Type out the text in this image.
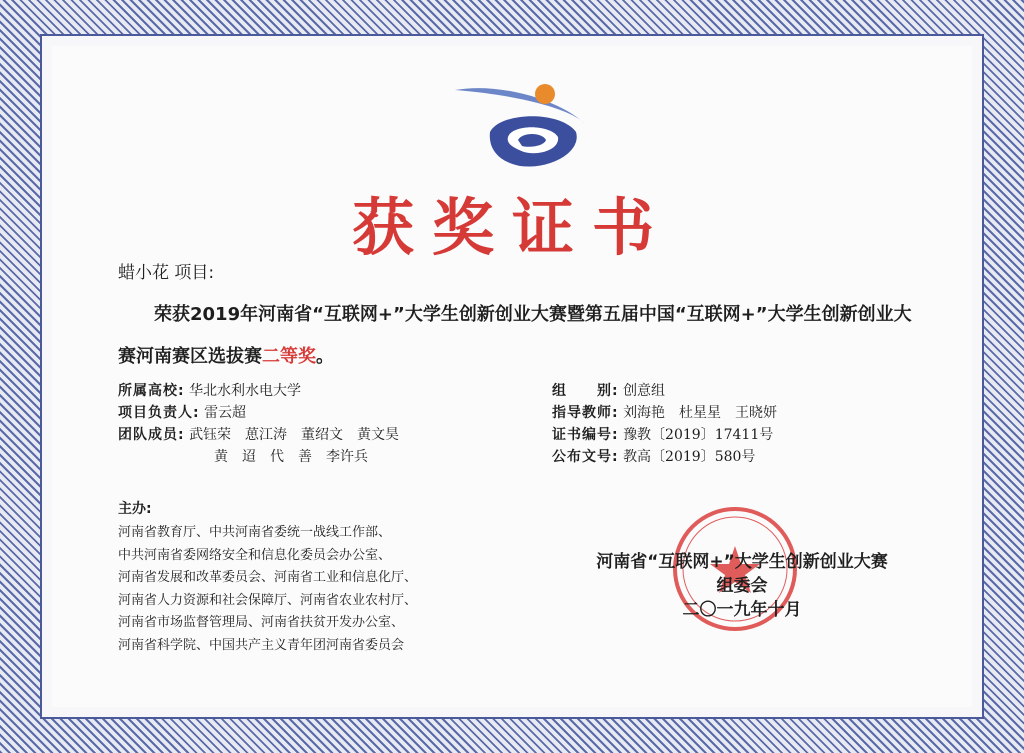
获奖证书
蜡小花 项目:
荣获2019年河南省“互联网+”大学生创新创业大赛暨第五届中国“互联网+”大学生创新创业大赛河南赛区选拔赛二等奖。
所属高校: 华北水利水电大学
项目负责人: 雷云超
团队成员: 武钰荣　葸江涛　董绍文　黄文昊
黄　迢　代　善　李许兵
组　　别: 创意组
指导教师: 刘海艳　杜星星　王晓妍
证书编号: 豫教〔2019〕17411号
公布文号: 教高〔2019〕580号
主办:
河南省教育厅、中共河南省委统一战线工作部、
中共河南省委网络安全和信息化委员会办公室、
河南省发展和改革委员会、河南省工业和信息化厅、
河南省人力资源和社会保障厅、河南省农业农村厅、
河南省市场监督管理局、河南省扶贫开发办公室、
河南省科学院、中国共产主义青年团河南省委员会
河南省“互联网+”大学生创新创业大赛
组委会
二〇一九年十月
